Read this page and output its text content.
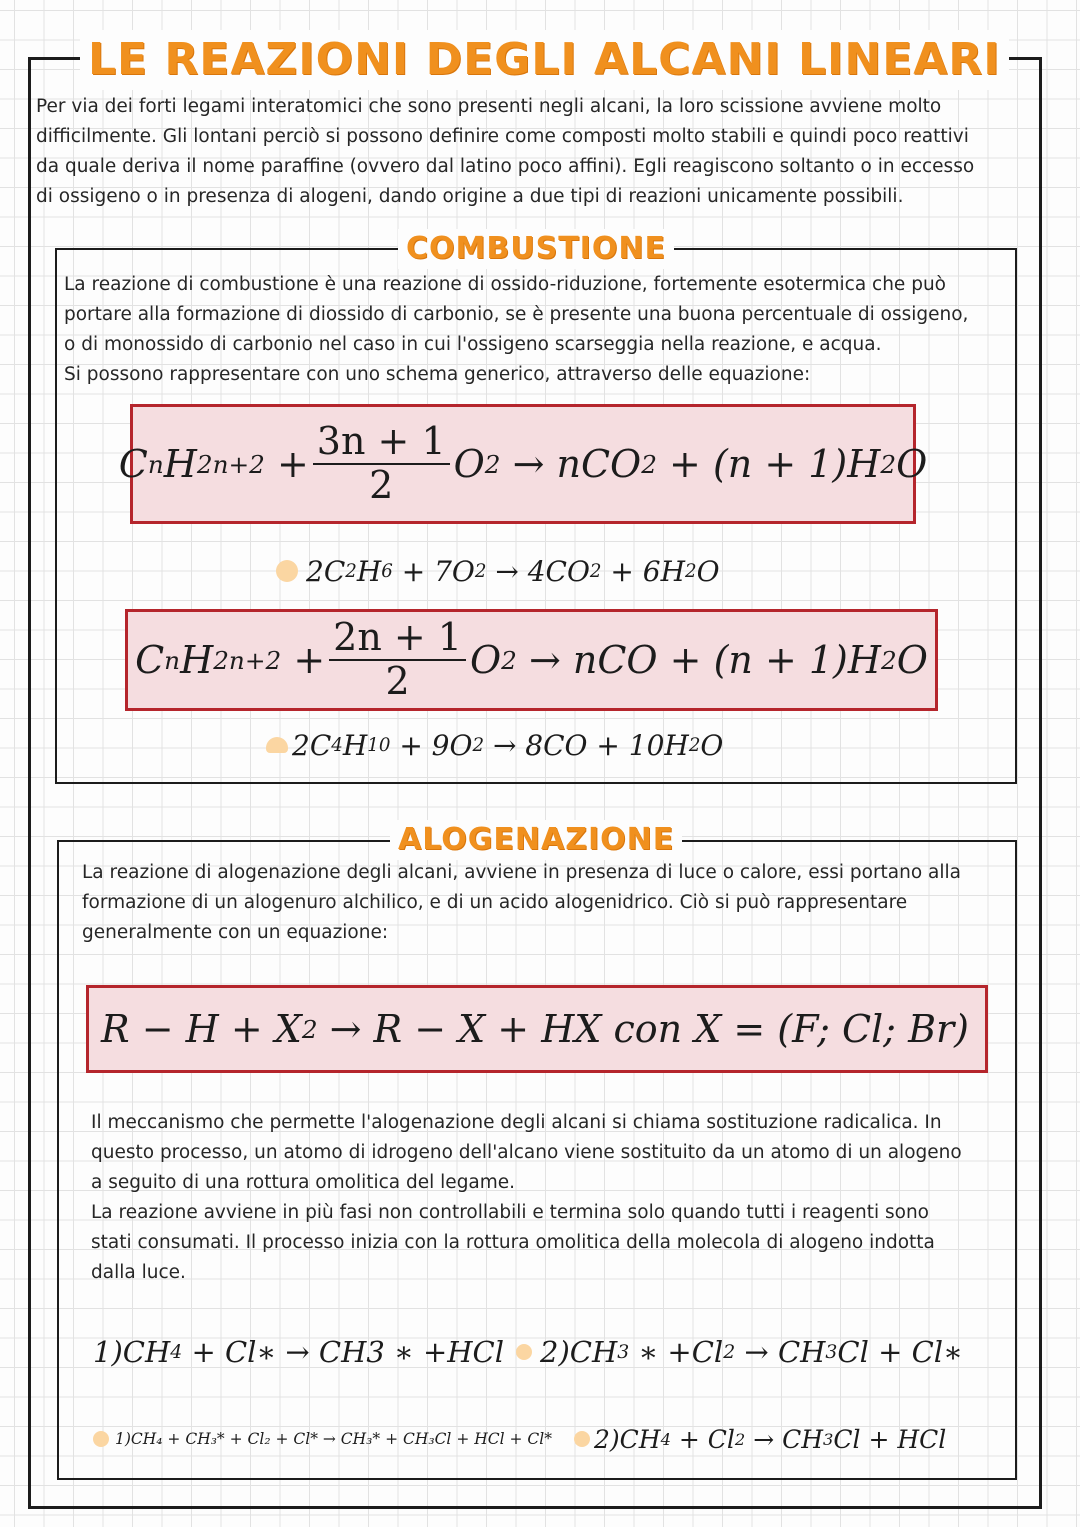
LE REAZIONI DEGLI ALCANI LINEARI

Per via dei forti legami interatomici che sono presenti negli alcani, la loro scissione avviene molto

difficilmente. Gli lontani perciò si possono definire come composti molto stabili e quindi poco reattivi

da quale deriva il nome paraffine (ovvero dal latino poco affini). Egli reagiscono soltanto o in eccesso

di ossigeno o in presenza di alogeni, dando origine a due tipi di reazioni unicamente possibili.

COMBUSTIONE

La reazione di combustione è una reazione di ossido-riduzione, fortemente esotermica che può

portare alla formazione di diossido di carbonio, se è presente una buona percentuale di ossigeno,

o di monossido di carbonio nel caso in cui l'ossigeno scarseggia nella reazione, e acqua.

Si possono rappresentare con uno schema generico, attraverso delle equazione:

C n H 2n+2
+ $\frac{3n + 1}{2}$ O 2
→ nCO 2
+ (n + 1)H 2 O
2C 2 H 6
+ 7O 2
→ 4CO 2
+ 6H 2 O
C n H 2n+2
+ $\frac{2n + 1}{2}$ O 2
→ nCO + (n + 1)H 2 O
2C 4 H 10
+ 9O 2
→ 8CO + 10H 2 O
ALOGENAZIONE

La reazione di alogenazione degli alcani, avviene in presenza di luce o calore, essi portano alla

formazione di un alogenuro alchilico, e di un acido alogenidrico. Ciò si può rappresentare

generalmente con un equazione:

R − H + X 2
→ R − X + HX con X = (F; Cl; Br)

Il meccanismo che permette l'alogenazione degli alcani si chiama sostituzione radicalica. In

questo processo, un atomo di idrogeno dell'alcano viene sostituito da un atomo di un alogeno

a seguito di una rottura omolitica del legame.

La reazione avviene in più fasi non controllabili e termina solo quando tutti i reagenti sono

stati consumati. Il processo inizia con la rottura omolitica della molecola di alogeno indotta

dalla luce.

1)CH 4
+ Cl∗ → CH3 ∗ +HCl 2)CH 3
∗ +Cl 2
→ CH 3 Cl + Cl∗
1)CH₄ + CH₃* + Cl₂ + Cl* → CH₃* + CH₃Cl + HCl + Cl* 2)CH 4
+ Cl 2
→ CH 3 Cl + HCl
